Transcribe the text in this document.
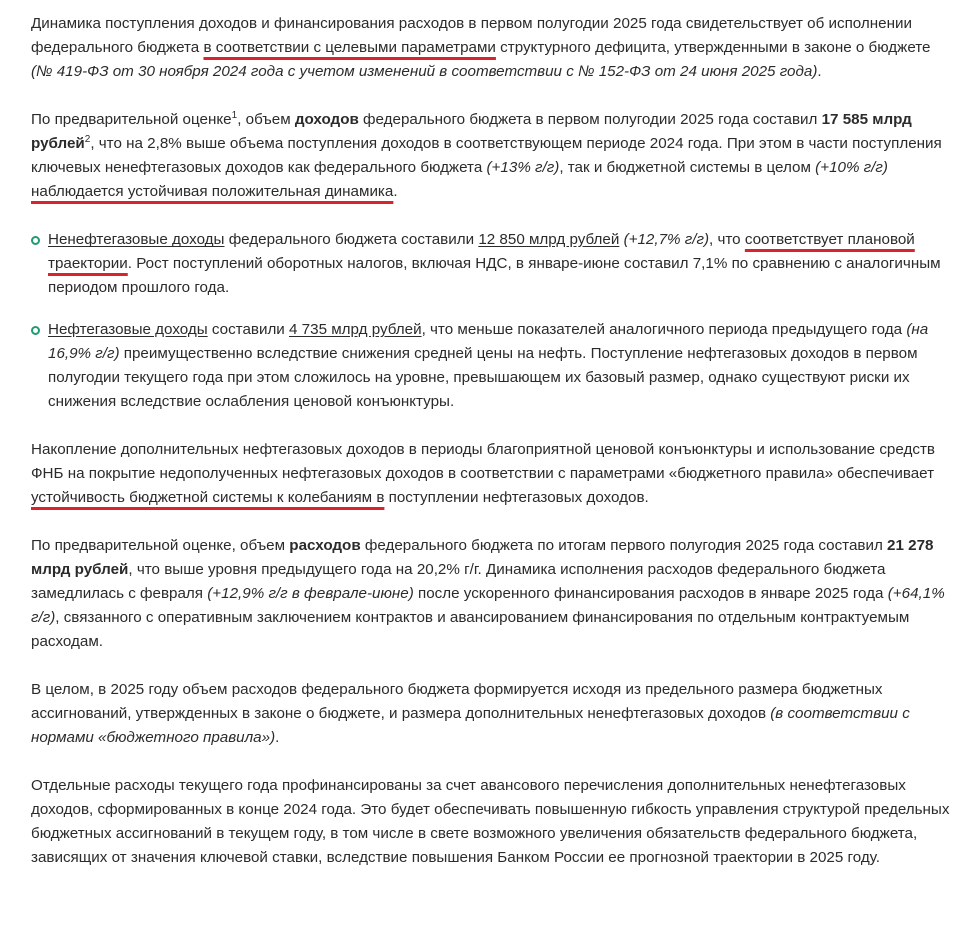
Динамика поступления доходов и финансирования расходов в первом полугодии 2025 года свидетельствует об исполнении федерального бюджета в соответствии с целевыми параметрами структурного дефицита, утвержденными в законе о бюджете (№ 419-ФЗ от 30 ноября 2024 года с учетом изменений в соответствии с № 152-ФЗ от 24 июня 2025 года).

По предварительной оценке$^1$, объем доходов федерального бюджета в первом полугодии 2025 года составил 17 585 млрд рублей$^2$, что на 2,8% выше объема поступления доходов в соответствующем периоде 2024 года. При этом в части поступления ключевых ненефтегазовых доходов как федерального бюджета (+13% г/г), так и бюджетной системы в целом (+10% г/г) наблюдается устойчивая положительная динамика.

Ненефтегазовые доходы федерального бюджета составили 12 850 млрд рублей (+12,7% г/г), что соответствует плановой траектории. Рост поступлений оборотных налогов, включая НДС, в январе-июне составил 7,1% по сравнению с аналогичным периодом прошлого года.
Нефтегазовые доходы составили 4 735 млрд рублей, что меньше показателей аналогичного периода предыдущего года (на 16,9% г/г) преимущественно вследствие снижения средней цены на нефть. Поступление нефтегазовых доходов в первом полугодии текущего года при этом сложилось на уровне, превышающем их базовый размер, однако существуют риски их снижения вследствие ослабления ценовой конъюнктуры.

Накопление дополнительных нефтегазовых доходов в периоды благоприятной ценовой конъюнктуры и использование средств ФНБ на покрытие недополученных нефтегазовых доходов в соответствии с параметрами «бюджетного правила» обеспечивает устойчивость бюджетной системы к колебаниям в поступлении нефтегазовых доходов.

По предварительной оценке, объем расходов федерального бюджета по итогам первого полугодия 2025 года составил 21 278 млрд рублей, что выше уровня предыдущего года на 20,2% г/г. Динамика исполнения расходов федерального бюджета замедлилась с февраля (+12,9% г/г в феврале-июне) после ускоренного финансирования расходов в январе 2025 года (+64,1% г/г), связанного с оперативным заключением контрактов и авансированием финансирования по отдельным контрактуемым расходам.

В целом, в 2025 году объем расходов федерального бюджета формируется исходя из предельного размера бюджетных ассигнований, утвержденных в законе о бюджете, и размера дополнительных ненефтегазовых доходов (в соответствии с нормами «бюджетного правила»).

Отдельные расходы текущего года профинансированы за счет авансового перечисления дополнительных ненефтегазовых доходов, сформированных в конце 2024 года. Это будет обеспечивать повышенную гибкость управления структурой предельных бюджетных ассигнований в текущем году, в том числе в свете возможного увеличения обязательств федерального бюджета, зависящих от значения ключевой ставки, вследствие повышения Банком России ее прогнозной траектории в 2025 году.
